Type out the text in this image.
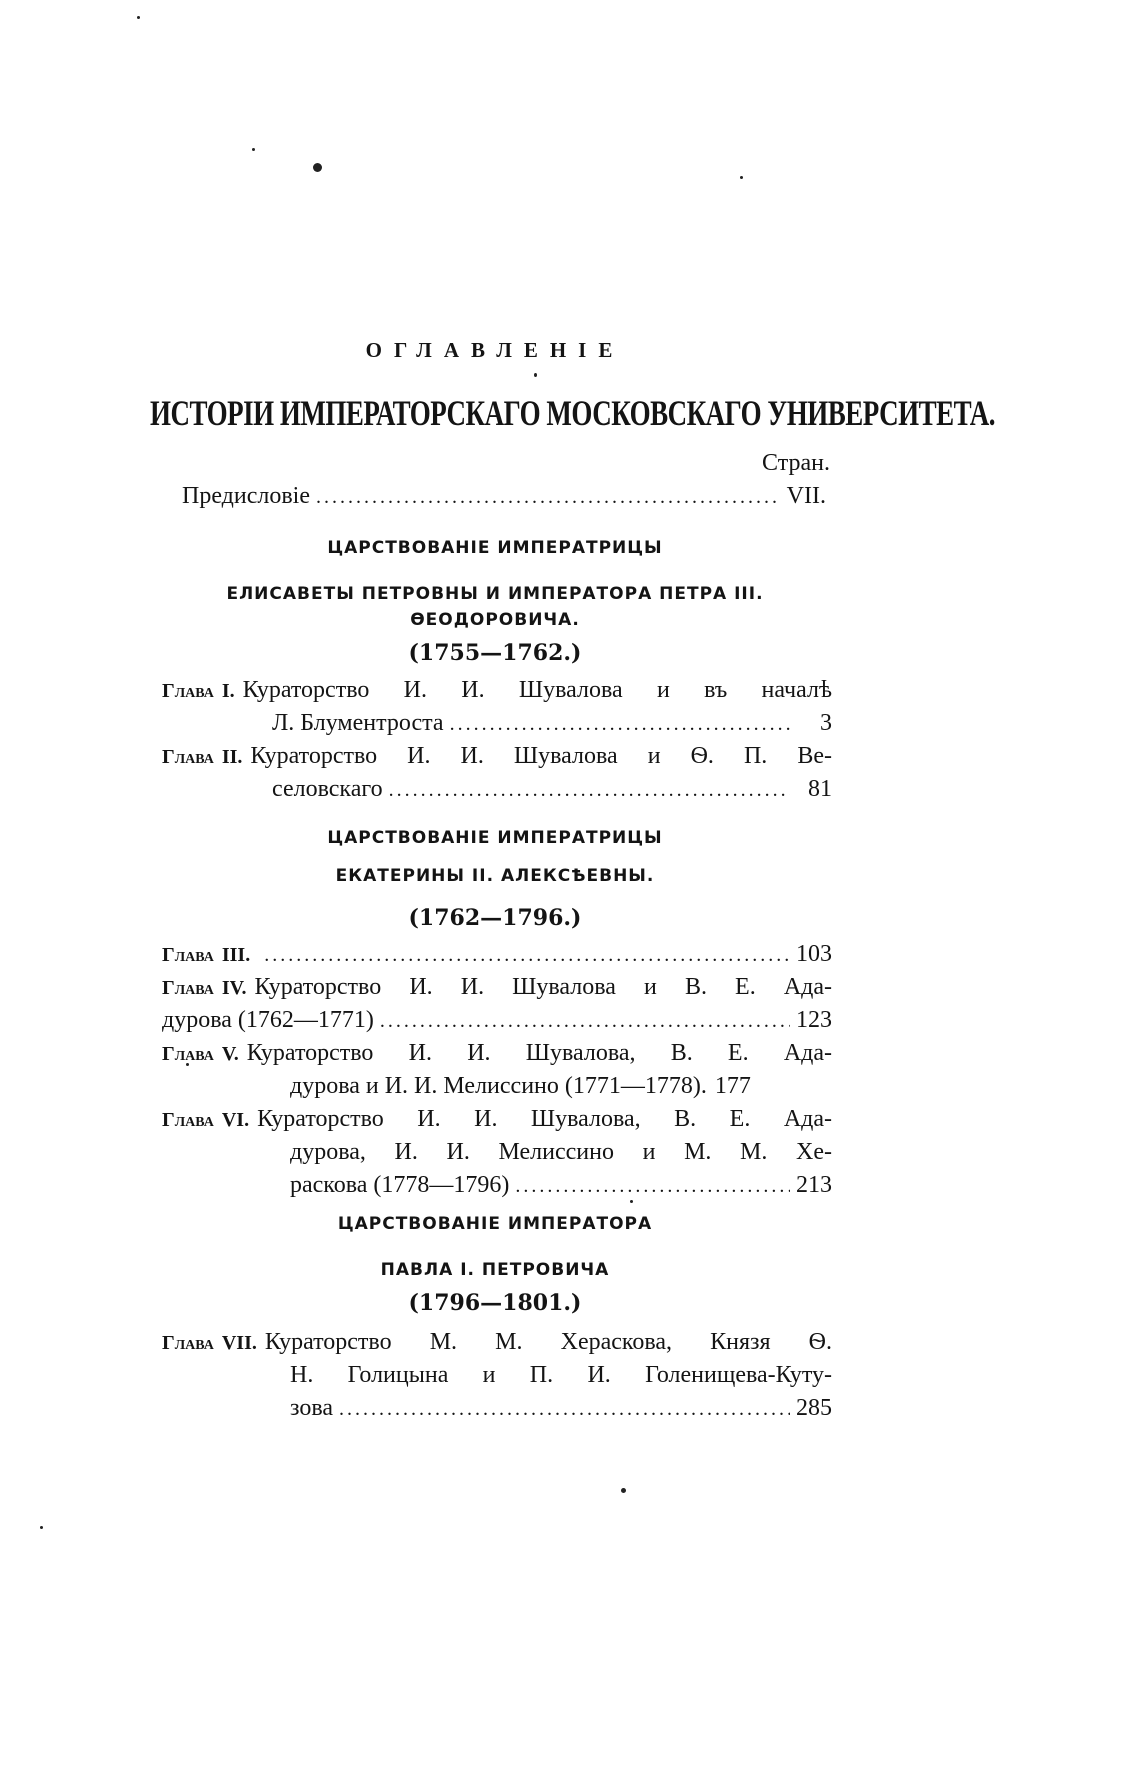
ОГЛАВЛЕНІЕ
ИСТОРІИ ИМПЕРАТОРСКАГО МОСКОВСКАГО УНИВЕРСИТЕТА.
Стран.
Предисловіе .....	VII.
ЦАРСТВОВАНІЕ ИМПЕРАТРИЦЫ
ЕЛИСАВЕТЫ ПЕТРОВНЫ И ИМПЕРАТОРА ПЕТРА III.
ѲЕОДОРОВИЧА.
(1755—1762.)
Глава I. Кураторство И. И. Шувалова и въ началѣ
Л. Блументроста .....	3
Глава II. Кураторство И. И. Шувалова и Ѳ. П. Ве-
селовскаго .....	81
ЦАРСТВОВАНІЕ ИМПЕРАТРИЦЫ
ЕКАТЕРИНЫ II. АЛЕКСѢЕВНЫ.
(1762—1796.)
Глава III. .....	103
Глава IV. Кураторство И. И. Шувалова и В. Е. Ада-
дурова (1762—1771) .....	123
Глава V. Кураторство И. И. Шувалова, В. Е. Ада-
дурова и И. И. Мелиссино (1771—1778). 177
Глава VI. Кураторство И. И. Шувалова, В. Е. Ада-
дурова, И. И. Мелиссино и М. М. Хе-
раскова (1778—1796) .....	213
ЦАРСТВОВАНІЕ ИМПЕРАТОРА
ПАВЛА I. ПЕТРОВИЧА
(1796—1801.)
Глава VII. Кураторство М. М. Хераскова, Князя Ѳ.
Н. Голицына и П. И. Голенищева-Куту-
зова .....	285
